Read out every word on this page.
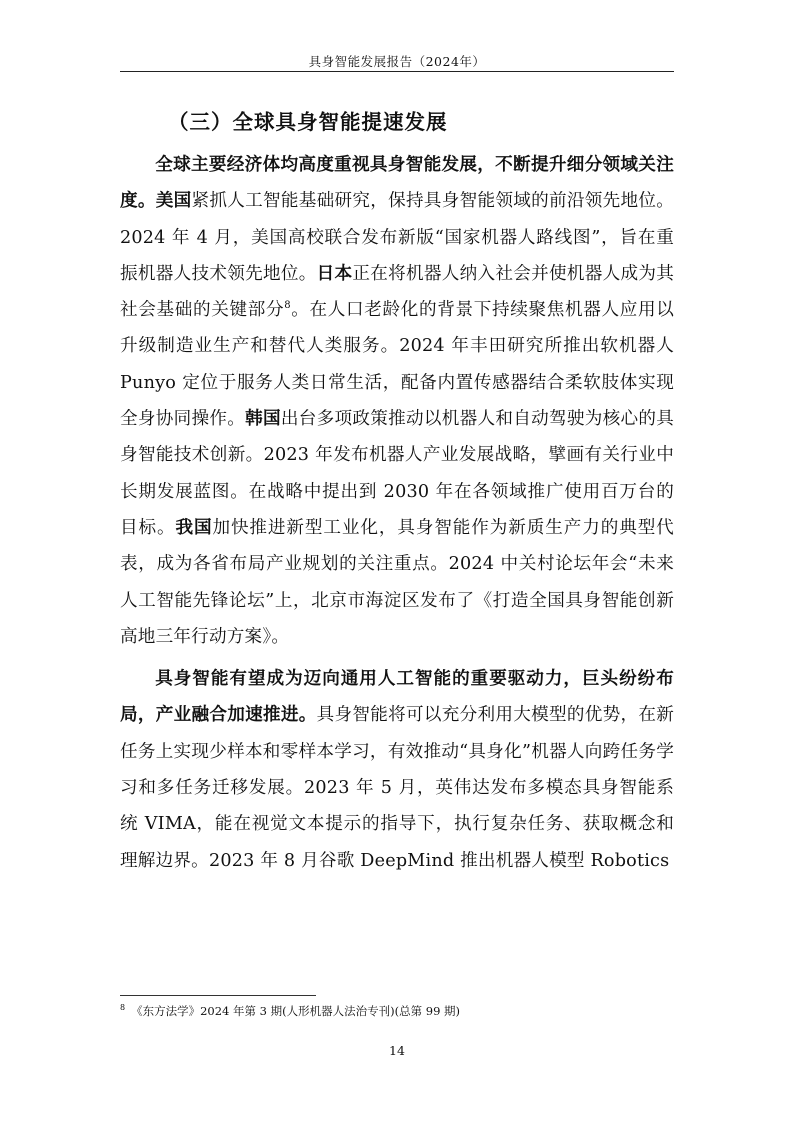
具身智能发展报告（2024年）
（三）全球具身智能提速发展

全球主要经济体均高度重视具身智能发展，不断提升细分领域关注度。美国紧抓人工智能基础研究，保持具身智能领域的前沿领先地位。2024 年 4 月，美国高校联合发布新版“国家机器人路线图”，旨在重振机器人技术领先地位。日本正在将机器人纳入社会并使机器人成为其社会基础的关键部分$^8$。在人口老龄化的背景下持续聚焦机器人应用以升级制造业生产和替代人类服务。2024 年丰田研究所推出软机器人 Punyo 定位于服务人类日常生活，配备内置传感器结合柔软肢体实现全身协同操作。韩国出台多项政策推动以机器人和自动驾驶为核心的具身智能技术创新。2023 年发布机器人产业发展战略，擘画有关行业中长期发展蓝图。在战略中提出到 2030 年在各领域推广使用百万台的目标。我国加快推进新型工业化，具身智能作为新质生产力的典型代表，成为各省布局产业规划的关注重点。2024 中关村论坛年会“未来人工智能先锋论坛”上，北京市海淀区发布了《打造全国具身智能创新高地三年行动方案》。

具身智能有望成为迈向通用人工智能的重要驱动力，巨头纷纷布局，产业融合加速推进。具身智能将可以充分利用大模型的优势，在新任务上实现少样本和零样本学习，有效推动“具身化”机器人向跨任务学习和多任务迁移发展。2023 年 5 月，英伟达发布多模态具身智能系统 VIMA，能在视觉文本提示的指导下，执行复杂任务、获取概念和理解边界。2023 年 8 月谷歌 DeepMind 推出机器人模型 Robotics

$^8$ 《东方法学》2024 年第 3 期(人形机器人法治专刊)(总第 99 期)
14
